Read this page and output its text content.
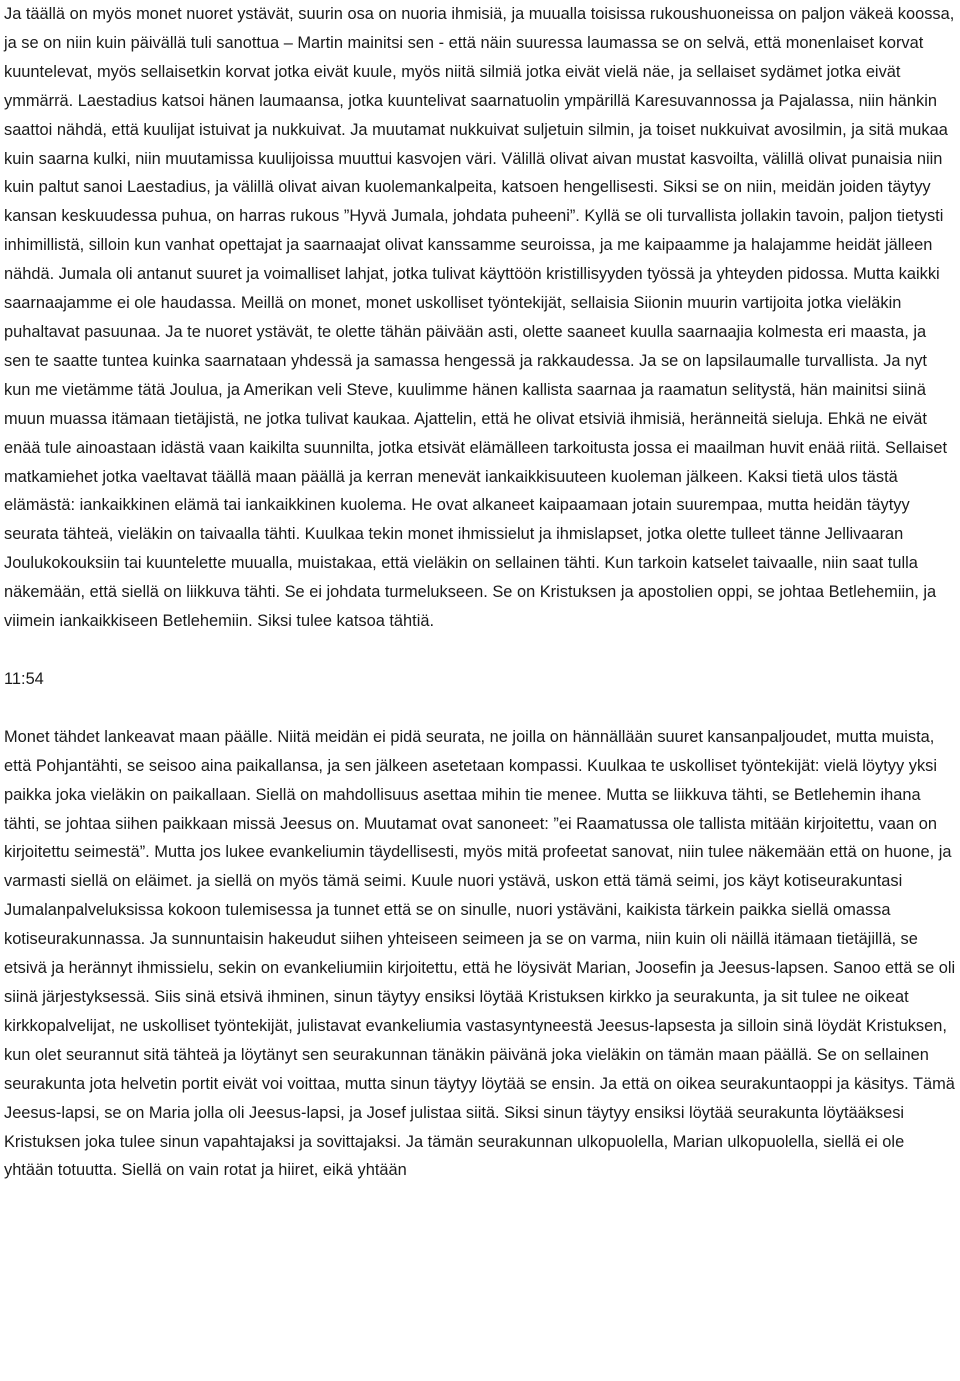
Ja täällä on myös monet nuoret ystävät, suurin osa on nuoria ihmisiä, ja muualla toisissa rukoushuoneissa on paljon väkeä koossa, ja se on niin kuin päivällä tuli sanottua – Martin mainitsi sen - että näin suuressa laumassa se on selvä, että monenlaiset korvat kuuntelevat, myös sellaisetkin korvat jotka eivät kuule, myös niitä silmiä jotka eivät vielä näe, ja sellaiset sydämet jotka eivät ymmärrä. Laestadius katsoi hänen laumaansa, jotka kuuntelivat saarnatuolin ympärillä Karesuvannossa ja Pajalassa, niin hänkin saattoi nähdä, että kuulijat istuivat ja nukkuivat. Ja muutamat nukkuivat suljetuin silmin, ja toiset nukkuivat avosilmin, ja sitä mukaa kuin saarna kulki, niin muutamissa kuulijoissa muuttui kasvojen väri. Välillä olivat aivan mustat kasvoilta, välillä olivat punaisia niin kuin paltut sanoi Laestadius, ja välillä olivat aivan kuolemankalpeita, katsoen hengellisesti. Siksi se on niin, meidän joiden täytyy kansan keskuudessa puhua, on harras rukous ”Hyvä Jumala, johdata puheeni”. Kyllä se oli turvallista jollakin tavoin, paljon tietysti inhimillistä, silloin kun vanhat opettajat ja saarnaajat olivat kanssamme seuroissa, ja me kaipaamme ja halajamme heidät jälleen nähdä. Jumala oli antanut suuret ja voimalliset lahjat, jotka tulivat käyttöön kristillisyyden työssä ja yhteyden pidossa. Mutta kaikki saarnaajamme ei ole haudassa. Meillä on monet, monet uskolliset työntekijät, sellaisia Siionin muurin vartijoita jotka vieläkin puhaltavat pasuunaa. Ja te nuoret ystävät, te olette tähän päivään asti, olette saaneet kuulla saarnaajia kolmesta eri maasta, ja sen te saatte tuntea kuinka saarnataan yhdessä ja samassa hengessä ja rakkaudessa. Ja se on lapsilaumalle turvallista. Ja nyt kun me vietämme tätä Joulua, ja Amerikan veli Steve, kuulimme hänen kallista saarnaa ja raamatun selitystä, hän mainitsi siinä muun muassa itämaan tietäjistä, ne jotka tulivat kaukaa. Ajattelin, että he olivat etsiviä ihmisiä, heränneitä sieluja. Ehkä ne eivät enää tule ainoastaan idästä vaan kaikilta suunnilta, jotka etsivät elämälleen tarkoitusta jossa ei maailman huvit enää riitä. Sellaiset matkamiehet jotka vaeltavat täällä maan päällä ja kerran menevät iankaikkisuuteen kuoleman jälkeen. Kaksi tietä ulos tästä elämästä: iankaikkinen elämä tai iankaikkinen kuolema. He ovat alkaneet kaipaamaan jotain suurempaa, mutta heidän täytyy seurata tähteä, vieläkin on taivaalla tähti. Kuulkaa tekin monet ihmissielut ja ihmislapset, jotka olette tulleet tänne Jellivaaran Joulukokouksiin tai kuuntelette muualla, muistakaa, että vieläkin on sellainen tähti. Kun tarkoin katselet taivaalle, niin saat tulla näkemään, että siellä on liikkuva tähti. Se ei johdata turmelukseen. Se on Kristuksen ja apostolien oppi, se johtaa Betlehemiin, ja viimein iankaikkiseen Betlehemiin. Siksi tulee katsoa tähtiä.

11:54

Monet tähdet lankeavat maan päälle. Niitä meidän ei pidä seurata, ne joilla on hännällään suuret kansanpaljoudet, mutta muista, että Pohjantähti, se seisoo aina paikallansa, ja sen jälkeen asetetaan kompassi. Kuulkaa te uskolliset työntekijät: vielä löytyy yksi paikka joka vieläkin on paikallaan. Siellä on mahdollisuus asettaa mihin tie menee. Mutta se liikkuva tähti, se Betlehemin ihana tähti, se johtaa siihen paikkaan missä Jeesus on. Muutamat ovat sanoneet: ”ei Raamatussa ole tallista mitään kirjoitettu, vaan on kirjoitettu seimestä”. Mutta jos lukee evankeliumin täydellisesti, myös mitä profeetat sanovat, niin tulee näkemään että on huone, ja varmasti siellä on eläimet. ja siellä on myös tämä seimi. Kuule nuori ystävä, uskon että tämä seimi, jos käyt kotiseurakuntasi Jumalanpalveluksissa kokoon tulemisessa ja tunnet että se on sinulle, nuori ystäväni, kaikista tärkein paikka siellä omassa kotiseurakunnassa. Ja sunnuntaisin hakeudut siihen yhteiseen seimeen ja se on varma, niin kuin oli näillä itämaan tietäjillä, se etsivä ja herännyt ihmissielu, sekin on evankeliumiin kirjoitettu, että he löysivät Marian, Joosefin ja Jeesus-lapsen. Sanoo että se oli siinä järjestyksessä. Siis sinä etsivä ihminen, sinun täytyy ensiksi löytää Kristuksen kirkko ja seurakunta, ja sit tulee ne oikeat kirkkopalvelijat, ne uskolliset työntekijät, julistavat evankeliumia vastasyntyneestä Jeesus-lapsesta ja silloin sinä löydät Kristuksen, kun olet seurannut sitä tähteä ja löytänyt sen seurakunnan tänäkin päivänä joka vieläkin on tämän maan päällä. Se on sellainen seurakunta jota helvetin portit eivät voi voittaa, mutta sinun täytyy löytää se ensin. Ja että on oikea seurakuntaoppi ja käsitys. Tämä Jeesus-lapsi, se on Maria jolla oli Jeesus-lapsi, ja Josef julistaa siitä. Siksi sinun täytyy ensiksi löytää seurakunta löytääksesi Kristuksen joka tulee sinun vapahtajaksi ja sovittajaksi. Ja tämän seurakunnan ulkopuolella, Marian ulkopuolella, siellä ei ole yhtään totuutta. Siellä on vain rotat ja hiiret, eikä yhtään
